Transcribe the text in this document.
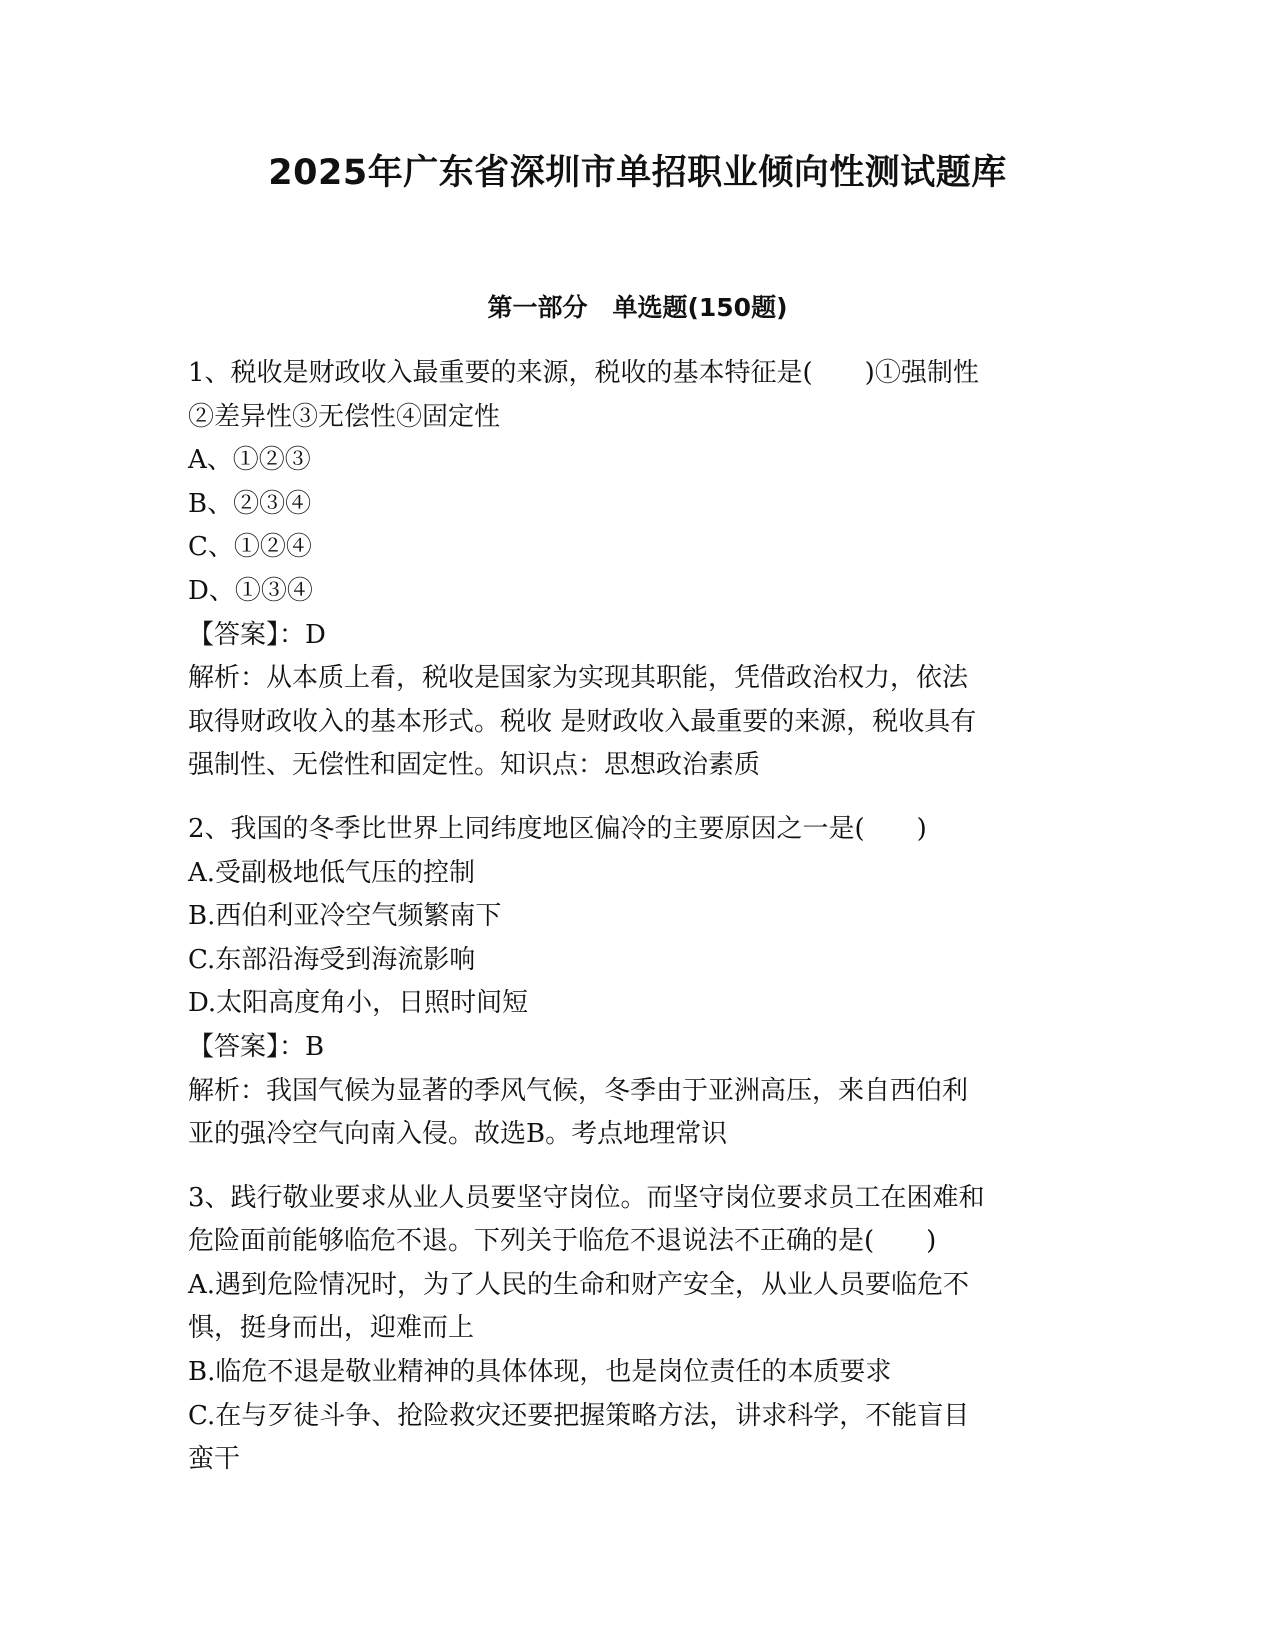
2025年广东省深圳市单招职业倾向性测试题库
第一部分　单选题(150题)
1、税收是财政收入最重要的来源，税收的基本特征是(　　)①强制性
②差异性③无偿性④固定性
A、①②③
B、②③④
C、①②④
D、①③④
【答案】：D
解析：从本质上看，税收是国家为实现其职能，凭借政治权力，依法
取得财政收入的基本形式。税收 是财政收入最重要的来源，税收具有
强制性、无偿性和固定性。知识点：思想政治素质
2、我国的冬季比世界上同纬度地区偏冷的主要原因之一是(　　)
A.受副极地低气压的控制
B.西伯利亚冷空气频繁南下
C.东部沿海受到海流影响
D.太阳高度角小，日照时间短
【答案】：B
解析：我国气候为显著的季风气候，冬季由于亚洲高压，来自西伯利
亚的强冷空气向南入侵。故选B。考点地理常识
3、践行敬业要求从业人员要坚守岗位。而坚守岗位要求员工在困难和
危险面前能够临危不退。下列关于临危不退说法不正确的是(　　)
A.遇到危险情况时，为了人民的生命和财产安全，从业人员要临危不
惧，挺身而出，迎难而上
B.临危不退是敬业精神的具体体现，也是岗位责任的本质要求
C.在与歹徒斗争、抢险救灾还要把握策略方法，讲求科学，不能盲目
蛮干
